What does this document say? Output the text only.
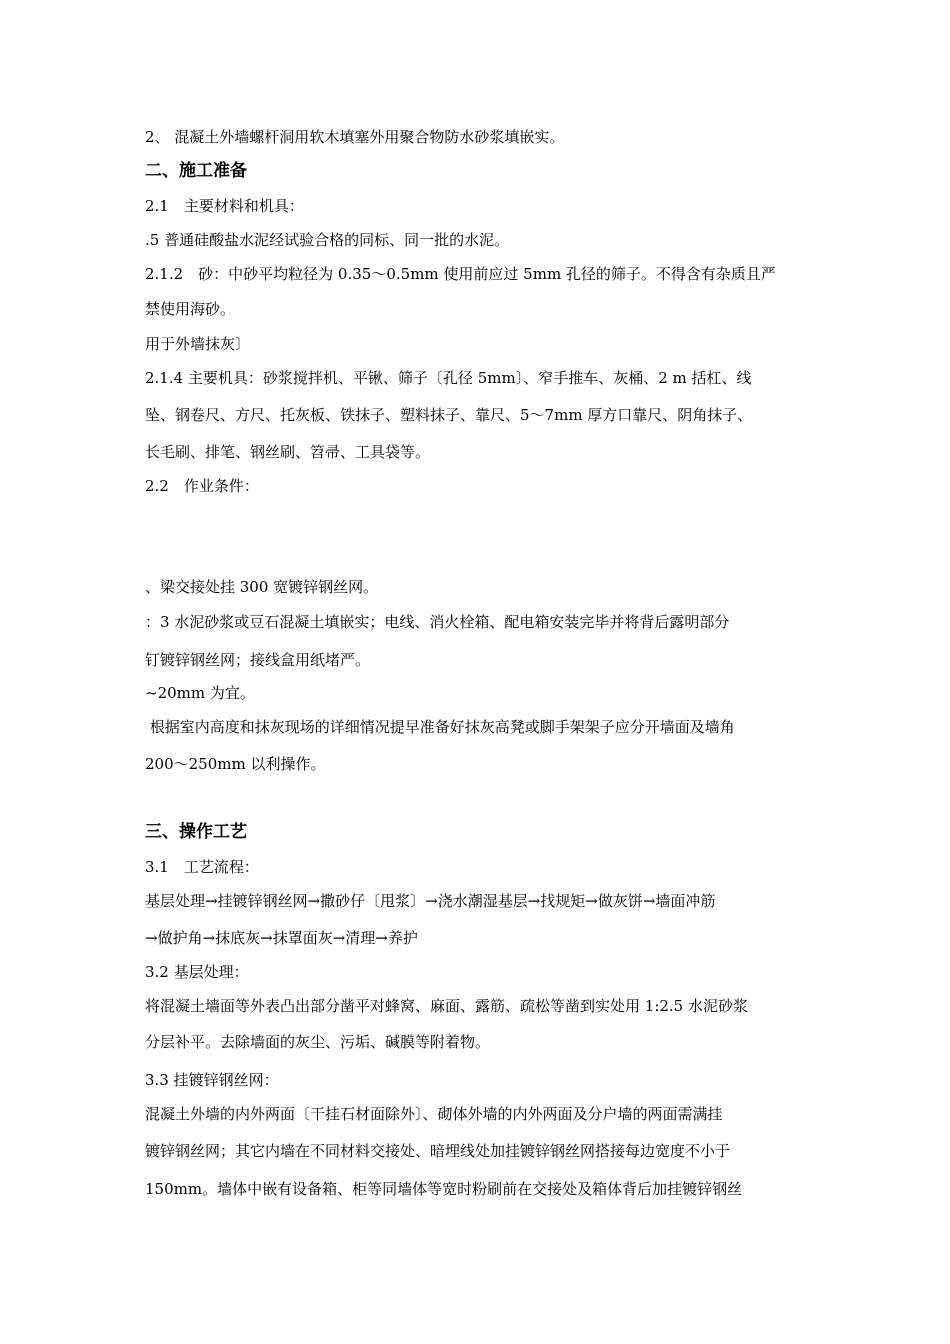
2、 混凝土外墙螺杆洞用软木填塞外用聚合物防水砂浆填嵌实。
二、施工准备
2.1　主要材料和机具：
.5 普通硅酸盐水泥经试验合格的同标、同一批的水泥。
2.1.2　砂：中砂平均粒径为 0.35～0.5mm 使用前应过 5mm 孔径的筛子。不得含有杂质且严
禁使用海砂。
用于外墙抹灰〕
2.1.4 主要机具：砂浆搅拌机、平锹、筛子〔孔径 5mm〕、窄手推车、灰桶、2 m 括杠、线
坠、钢卷尺、方尺、托灰板、铁抹子、塑料抹子、靠尺、5～7mm 厚方口靠尺、阴角抹子、
长毛刷、排笔、钢丝刷、笤帚、工具袋等。
2.2　作业条件：
、梁交接处挂 300 宽镀锌钢丝网。
：3 水泥砂浆或豆石混凝土填嵌实；电线、消火栓箱、配电箱安装完毕并将背后露明部分
钉镀锌钢丝网；接线盒用纸堵严。
~20mm 为宜。
根据室内高度和抹灰现场的详细情况提早准备好抹灰高凳或脚手架架子应分开墙面及墙角
200～250mm 以利操作。
三、操作工艺
3.1　工艺流程：
基层处理→挂镀锌钢丝网→撒砂仔〔甩浆〕→浇水潮湿基层→找规矩→做灰饼→墙面冲筋
→做护角→抹底灰→抹罩面灰→清理→养护
3.2 基层处理：
将混凝土墙面等外表凸出部分凿平对蜂窝、麻面、露筋、疏松等凿到实处用 1:2.5 水泥砂浆
分层补平。去除墙面的灰尘、污垢、碱膜等附着物。
3.3 挂镀锌钢丝网：
混凝土外墙的内外两面〔干挂石材面除外〕、砌体外墙的内外两面及分户墙的两面需满挂
镀锌钢丝网；其它内墙在不同材料交接处、暗埋线处加挂镀锌钢丝网搭接每边宽度不小于
150mm。墙体中嵌有设备箱、柜等同墙体等宽时粉刷前在交接处及箱体背后加挂镀锌钢丝
